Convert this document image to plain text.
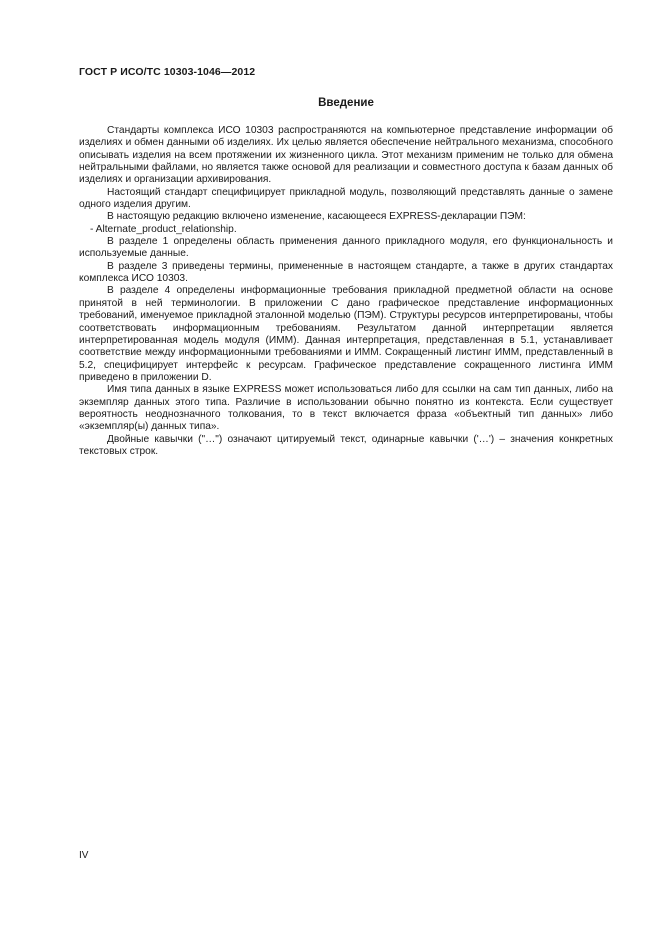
ГОСТ Р ИСО/ТС 10303-1046—2012
Введение

Стандарты комплекса ИСО 10303 распространяются на компьютерное представление информации об изделиях и обмен данными об изделиях. Их целью является обеспечение нейтрального механизма, способного описывать изделия на всем протяжении их жизненного цикла. Этот механизм применим не только для обмена нейтральными файлами, но является также основой для реализации и совместного доступа к базам данных об изделиях и организации архивирования.

Настоящий стандарт специфицирует прикладной модуль, позволяющий представлять данные о замене одного изделия другим.

В настоящую редакцию включено изменение, касающееся EXPRESS-декларации ПЭМ:

- Alternate_product_relationship.

В разделе 1 определены область применения данного прикладного модуля, его функциональность и используемые данные.

В разделе 3 приведены термины, примененные в настоящем стандарте, а также в других стандартах комплекса ИСО 10303.

В разделе 4 определены информационные требования прикладной предметной области на основе принятой в ней терминологии. В приложении С дано графическое представление информационных требований, именуемое прикладной эталонной моделью (ПЭМ). Структуры ресурсов интерпретированы, чтобы соответствовать информационным требованиям. Результатом данной интерпретации является интерпретированная модель модуля (ИММ). Данная интерпретация, представленная в 5.1, устанавливает соответствие между информационными требованиями и ИММ. Сокращенный листинг ИММ, представленный в 5.2, специфицирует интерфейс к ресурсам. Графическое представление сокращенного листинга ИММ приведено в приложении D.

Имя типа данных в языке EXPRESS может использоваться либо для ссылки на сам тип данных, либо на экземпляр данных этого типа. Различие в использовании обычно понятно из контекста. Если существует вероятность неоднозначного толкования, то в текст включается фраза «объектный тип данных» либо «экземпляр(ы) данных типа».

Двойные кавычки ("…") означают цитируемый текст, одинарные кавычки ('…') – значения конкретных текстовых строк.

IV
